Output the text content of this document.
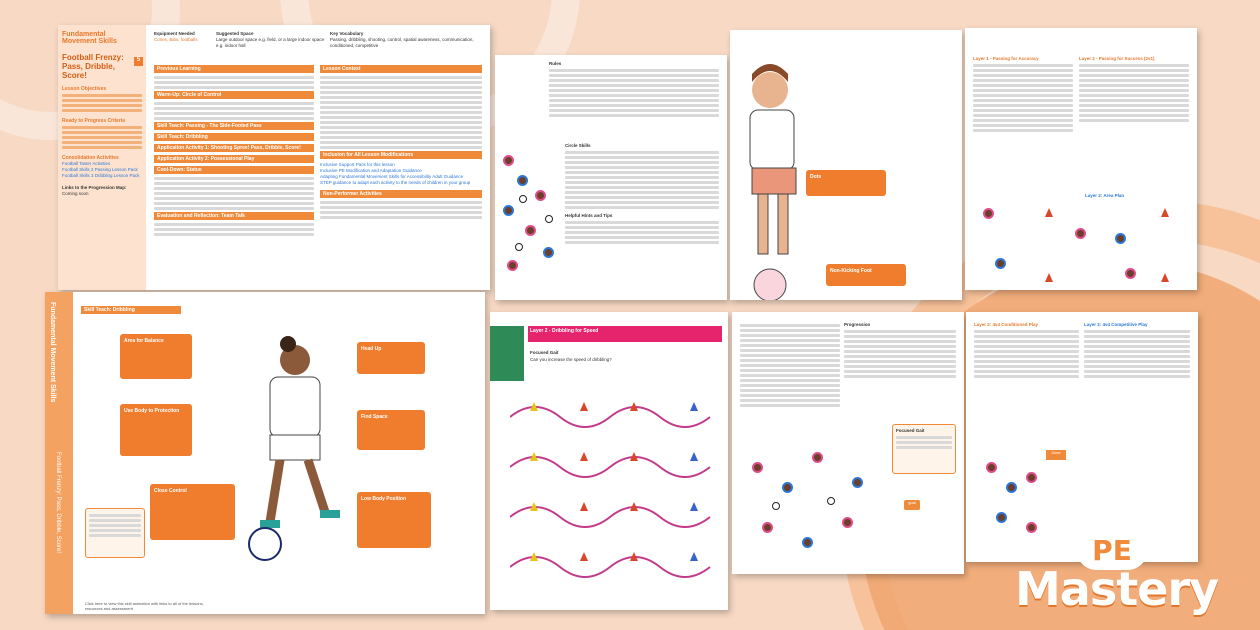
Fundamental Movement Skills
Football Frenzy: Pass, Dribble, Score!
5
Lesson Objectives
Ready to Progress Criteria
Consolidation Activities
Football Taster Activities
Football Skills 2 Passing Lesson Pack
Football Skills 3 Dribbling Lesson Pack
Links to the Progression Map:
Coming soon
Equipment Needed
Cones, Bibs, footballs
Suggested Space
Large outdoor space e.g. field, or a large indoor space e.g. indoor hall
Key Vocabulary
Passing, dribbling, shooting, control, spatial awareness, communication, conditioned, competitive
Previous Learning
Warm-Up: Circle of Control
Skill Teach: Passing - The Side-Footed Pass
Skill Teach: Dribbling
Application Activity 1: Shooting Spree! Pass, Dribble, Score!
Application Activity 2: Possessional Play
Cool-Down: Statue
Evaluation and Reflection: Team Talk
Lesson Context
Inclusion for All Lesson Modifications
Inclusive Support Pack for this lesson
Inclusive PE Modification and Adaptation Guidance
Adapting Fundamental Movement Skills for Accessibility Adult Guidance
STEP guidance to adapt each activity to the needs of children in your group
Non-Performer Activities
Rules
Circle Skills
Helpful Hints and Tips
Dots
Non-Kicking Foot
Layer 1 - Passing for Accuracy	Layer 2 - Passing for Success (2v1)
Layer 2: Area Plan
Fundamental Movement Skills
Football Frenzy: Pass, Dribble, Score!
Skill Teach: Dribbling
Area for Balance
Use Body to Protection
Close Control
Head Up
Find Space
Low Body Position
Click here to view this skill animation with links to all of the lessons, resources and assessment
Layer 2 - Dribbling for Speed
Focused Gait
Can you increase the speed of dribbling?
Progression
Focused Gait
goal
Layer 2: 4v4 Conditioned Play	Layer 2: 4v4 Competitive Play
Zone
PE
Mastery
